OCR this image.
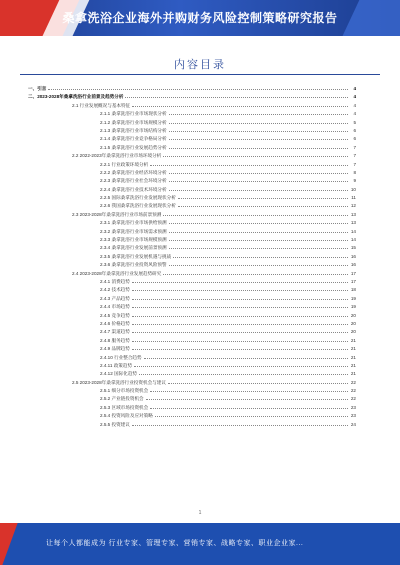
桑拿洗浴企业海外并购财务风险控制策略研究报告
内容目录
一、引言	4
二、2023-2028年桑拿洗浴行业前景及趋势分析	4
2.1 行业发展概况与基本特征	4
2.1.1 桑拿洗浴行业市场现状分析	4
2.1.2 桑拿洗浴行业市场规模分析	5
2.1.3 桑拿洗浴行业市场结构分析	6
2.1.4 桑拿洗浴行业竞争格局分析	6
2.1.5 桑拿洗浴行业发展趋势分析	7
2.2 2022-2023年桑拿洗浴行业市场环境分析	7
2.2.1 行业政策环境分析	7
2.2.2 桑拿洗浴行业经济环境分析	8
2.2.3 桑拿洗浴行业社会环境分析	9
2.2.4 桑拿洗浴行业技术环境分析	10
2.2.5 国际桑拿洗浴行业发展现状分析	11
2.2.6 我国桑拿洗浴行业发展现状分析	12
2.3 2023-2028年桑拿洗浴行业市场前景预测	13
2.3.1 桑拿洗浴行业市场供给预测	13
2.3.2 桑拿洗浴行业市场需求预测	14
2.3.3 桑拿洗浴行业市场规模预测	14
2.3.4 桑拿洗浴行业发展前景预测	15
2.3.5 桑拿洗浴行业发展机遇与挑战	16
2.3.6 桑拿洗浴行业投资风险预警	16
2.4 2023-2028年桑拿洗浴行业发展趋势研究	17
2.4.1 消费趋势	17
2.4.2 技术趋势	18
2.4.3 产品趋势	19
2.4.4 市场趋势	19
2.4.5 竞争趋势	20
2.4.6 价格趋势	20
2.4.7 渠道趋势	20
2.4.8 服务趋势	21
2.4.9 品牌趋势	21
2.4.10 行业整合趋势	21
2.4.11 政策趋势	21
2.4.12 国际化趋势	21
2.5 2023-2028年桑拿洗浴行业投资机会与建议	22
2.5.1 细分市场投资机会	22
2.5.2 产业链投资机会	22
2.5.3 区域市场投资机会	23
2.5.4 投资风险及应对策略	23
2.5.5 投资建议	24
1
让每个人都能成为 行业专家、管理专家、营销专家、战略专家、职业企业家...
